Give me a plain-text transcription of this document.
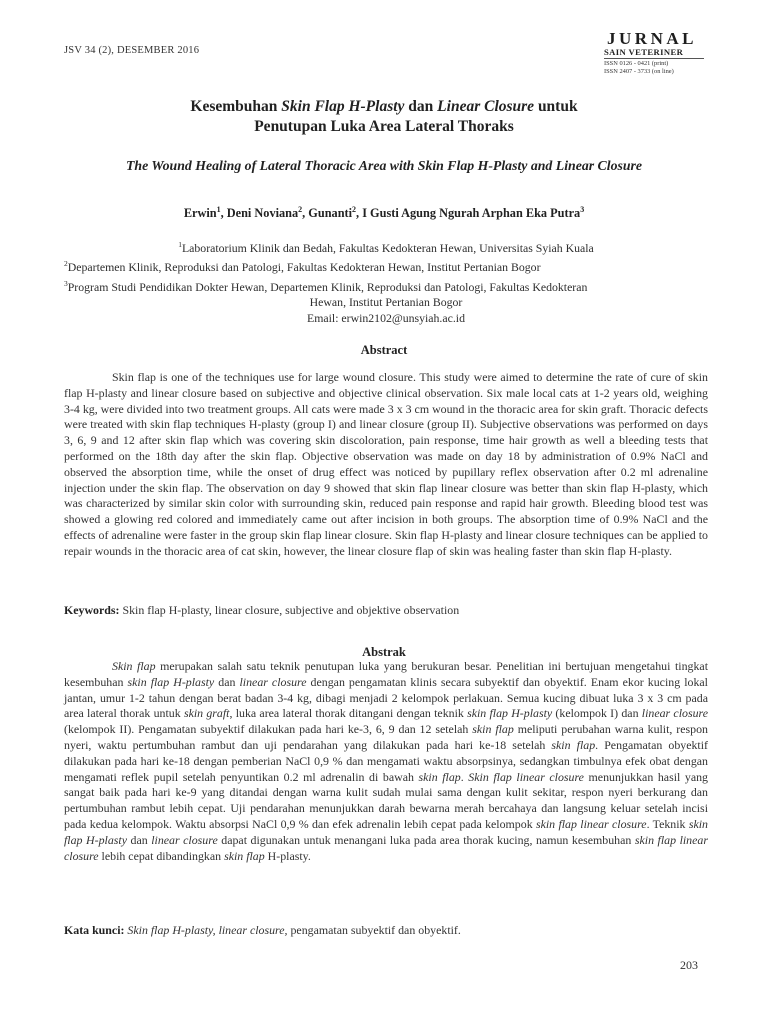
JSV 34 (2), DESEMBER 2016
JURNAL
SAIN VETERINER
ISSN 0126 - 0421 (print)
ISSN 2407 - 3733 (on line)
Kesembuhan Skin Flap H-Plasty dan Linear Closure untuk
Penutupan Luka Area Lateral Thoraks
The Wound Healing of Lateral Thoracic Area with Skin Flap H-Plasty and Linear Closure
Erwin$^1$, Deni Noviana$^2$, Gunanti$^2$, I Gusti Agung Ngurah Arphan Eka Putra$^3$
$^1$Laboratorium Klinik dan Bedah, Fakultas Kedokteran Hewan, Universitas Syiah Kuala
$^2$Departemen Klinik, Reproduksi dan Patologi, Fakultas Kedokteran Hewan, Institut Pertanian Bogor
$^3$Program Studi Pendidikan Dokter Hewan, Departemen Klinik, Reproduksi dan Patologi, Fakultas Kedokteran
Hewan, Institut Pertanian Bogor
Email: erwin2102@unsyiah.ac.id
Abstract

Skin flap is one of the techniques use for large wound closure. This study were aimed to determine the rate of cure of skin flap H-plasty and linear closure based on subjective and objective clinical observation. Six male local cats at 1-2 years old, weighing 3-4 kg, were divided into two treatment groups. All cats were made 3 x 3 cm wound in the thoracic area for skin graft. Thoracic defects were treated with skin flap techniques H-plasty (group I) and linear closure (group II). Subjective observations was performed on days 3, 6, 9 and 12 after skin flap which was covering skin discoloration, pain response, time hair growth as well a bleeding tests that performed on the 18th day after the skin flap. Objective observation was made on day 18 by administration of 0.9% NaCl and observed the absorption time, while the onset of drug effect was noticed by pupillary reflex observation after 0.2 ml adrenaline injection under the skin flap. The observation on day 9 showed that skin flap linear closure was better than skin flap H-plasty, which was characterized by similar skin color with surrounding skin, reduced pain response and rapid hair growth. Bleeding blood test was showed a glowing red colored and immediately came out after incision in both groups. The absorption time of 0.9% NaCl and the effects of adrenaline were faster in the group skin flap linear closure. Skin flap H-plasty and linear closure techniques can be applied to repair wounds in the thoracic area of cat skin, however, the linear closure flap of skin was healing faster than skin flap H-plasty.

Keywords: Skin flap H-plasty, linear closure, subjective and objektive observation
Abstrak

Skin flap merupakan salah satu teknik penutupan luka yang berukuran besar. Penelitian ini bertujuan mengetahui tingkat kesembuhan skin flap H-plasty dan linear closure dengan pengamatan klinis secara subyektif dan obyektif. Enam ekor kucing lokal jantan, umur 1-2 tahun dengan berat badan 3-4 kg, dibagi menjadi 2 kelompok perlakuan. Semua kucing dibuat luka 3 x 3 cm pada area lateral thorak untuk skin graft, luka area lateral thorak ditangani dengan teknik skin flap H-plasty (kelompok I) dan linear closure (kelompok II). Pengamatan subyektif dilakukan pada hari ke-3, 6, 9 dan 12 setelah skin flap meliputi perubahan warna kulit, respon nyeri, waktu pertumbuhan rambut dan uji pendarahan yang dilakukan pada hari ke-18 setelah skin flap. Pengamatan obyektif dilakukan pada hari ke-18 dengan pemberian NaCl 0,9 % dan mengamati waktu absorpsinya, sedangkan timbulnya efek obat dengan mengamati reflek pupil setelah penyuntikan 0.2 ml adrenalin di bawah skin flap. Skin flap linear closure menunjukkan hasil yang sangat baik pada hari ke-9 yang ditandai dengan warna kulit sudah mulai sama dengan kulit sekitar, respon nyeri berkurang dan pertumbuhan rambut lebih cepat. Uji pendarahan menunjukkan darah bewarna merah bercahaya dan langsung keluar setelah incisi pada kedua kelompok. Waktu absorpsi NaCl 0,9 % dan efek adrenalin lebih cepat pada kelompok skin flap linear closure. Teknik skin flap H-plasty dan linear closure dapat digunakan untuk menangani luka pada area thorak kucing, namun kesembuhan skin flap linear closure lebih cepat dibandingkan skin flap H-plasty.

Kata kunci: Skin flap H-plasty, linear closure, pengamatan subyektif dan obyektif.
203
